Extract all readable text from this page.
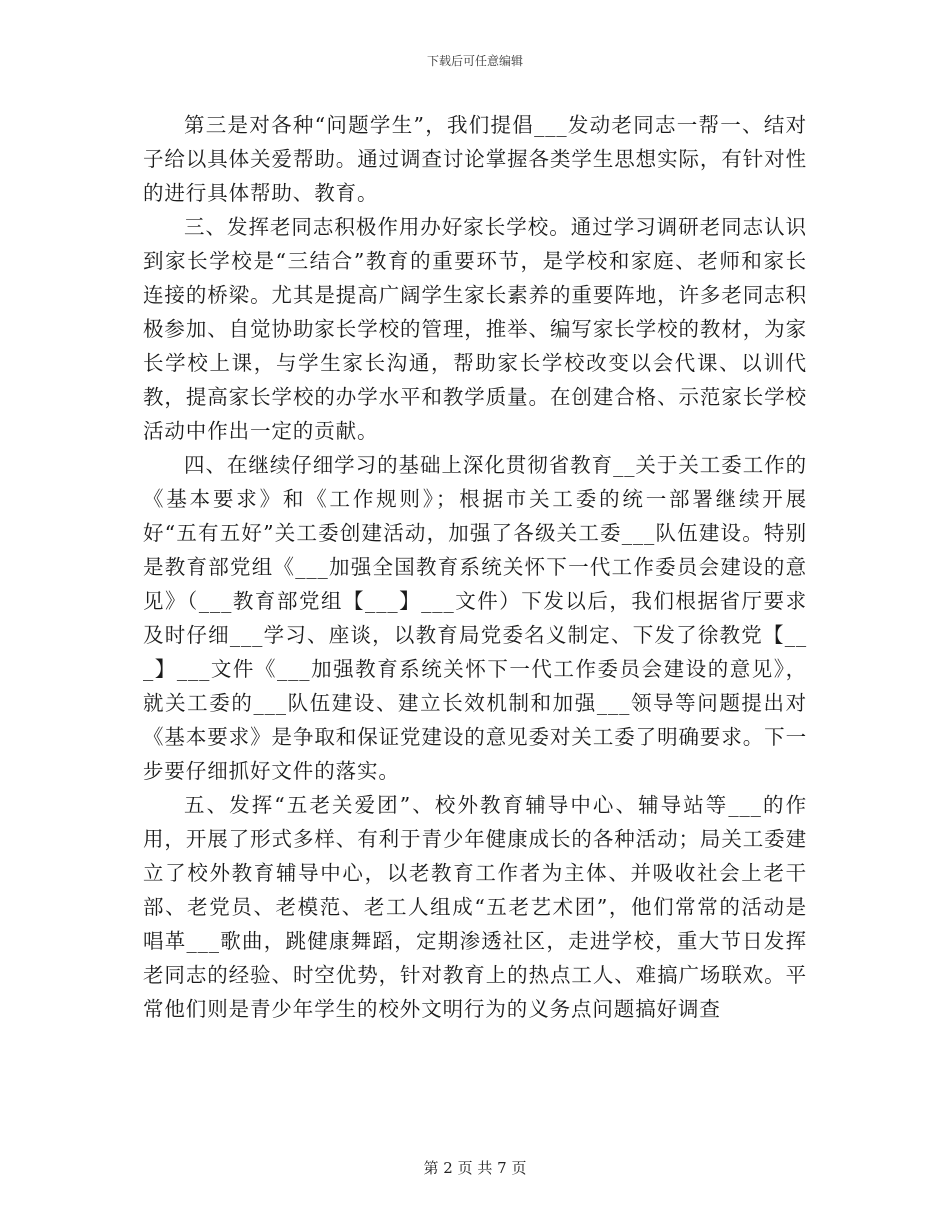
下载后可任意编辑

第三是对各种“问题学生”，我们提倡___发动老同志一帮一、结对子给以具体关爱帮助。通过调查讨论掌握各类学生思想实际，有针对性的进行具体帮助、教育。

三、发挥老同志积极作用办好家长学校。通过学习调研老同志认识到家长学校是“三结合”教育的重要环节，是学校和家庭、老师和家长连接的桥梁。尤其是提高广阔学生家长素养的重要阵地，许多老同志积极参加、自觉协助家长学校的管理，推举、编写家长学校的教材，为家长学校上课，与学生家长沟通，帮助家长学校改变以会代课、以训代教，提高家长学校的办学水平和教学质量。在创建合格、示范家长学校活动中作出一定的贡献。

四、在继续仔细学习的基础上深化贯彻省教育__关于关工委工作的《基本要求》和《工作规则》；根据市关工委的统一部署继续开展好“五有五好”关工委创建活动，加强了各级关工委___队伍建设。特别是教育部党组《___加强全国教育系统关怀下一代工作委员会建设的意见》（___教育部党组【___】___文件）下发以后，我们根据省厅要求及时仔细___学习、座谈，以教育局党委名义制定、下发了徐教党【___】___文件《___加强教育系统关怀下一代工作委员会建设的意见》，就关工委的___队伍建设、建立长效机制和加强___领导等问题提出对《基本要求》是争取和保证党建设的意见委对关工委了明确要求。下一步要仔细抓好文件的落实。

五、发挥“五老关爱团”、校外教育辅导中心、辅导站等___的作用，开展了形式多样、有利于青少年健康成长的各种活动；局关工委建立了校外教育辅导中心，以老教育工作者为主体、并吸收社会上老干部、老党员、老模范、老工人组成“五老艺术团”，他们常常的活动是唱革___歌曲，跳健康舞蹈，定期渗透社区，走进学校，重大节日发挥老同志的经验、时空优势，针对教育上的热点工人、难搞广场联欢。平常他们则是青少年学生的校外文明行为的义务点问题搞好调查

第 2 页 共 7 页
